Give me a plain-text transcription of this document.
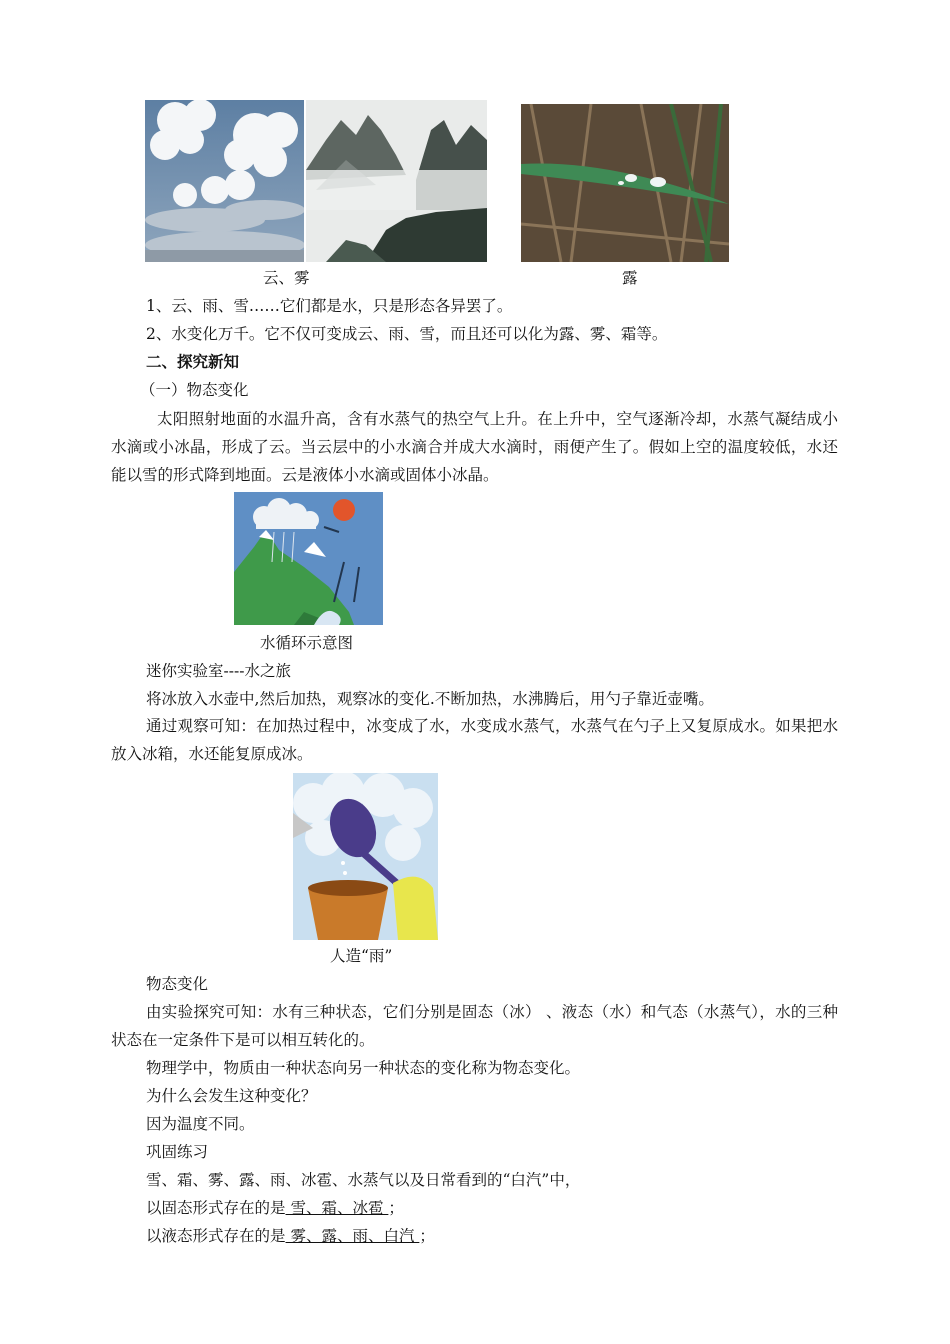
云、雾	露
1、云、雨、雪……它们都是水，只是形态各异罢了。
2、水变化万千。它不仅可变成云、雨、雪，而且还可以化为露、雾、霜等。
二、探究新知
（一）物态变化
太阳照射地面的水温升高，含有水蒸气的热空气上升。在上升中，空气逐渐冷却，水蒸气凝结成小水滴或小冰晶，形成了云。当云层中的小水滴合并成大水滴时，雨便产生了。假如上空的温度较低，水还能以雪的形式降到地面。云是液体小水滴或固体小冰晶。
水循环示意图
迷你实验室----水之旅
将冰放入水壶中,然后加热，观察冰的变化.不断加热，水沸腾后，用勺子靠近壶嘴。
通过观察可知：在加热过程中，冰变成了水，水变成水蒸气，水蒸气在勺子上又复原成水。如果把水放入冰箱，水还能复原成冰。
人造“雨”
物态变化
由实验探究可知：水有三种状态，它们分别是固态（冰） 、液态（水）和气态（水蒸气），水的三种状态在一定条件下是可以相互转化的。
物理学中，物质由一种状态向另一种状态的变化称为物态变化。
为什么会发生这种变化？
因为温度不同。
巩固练习
雪、霜、雾、露、雨、冰雹、水蒸气以及日常看到的“白汽”中，
以固态形式存在的是 雪、霜、冰雹 ；
以液态形式存在的是 雾、露、雨、白汽 ；
